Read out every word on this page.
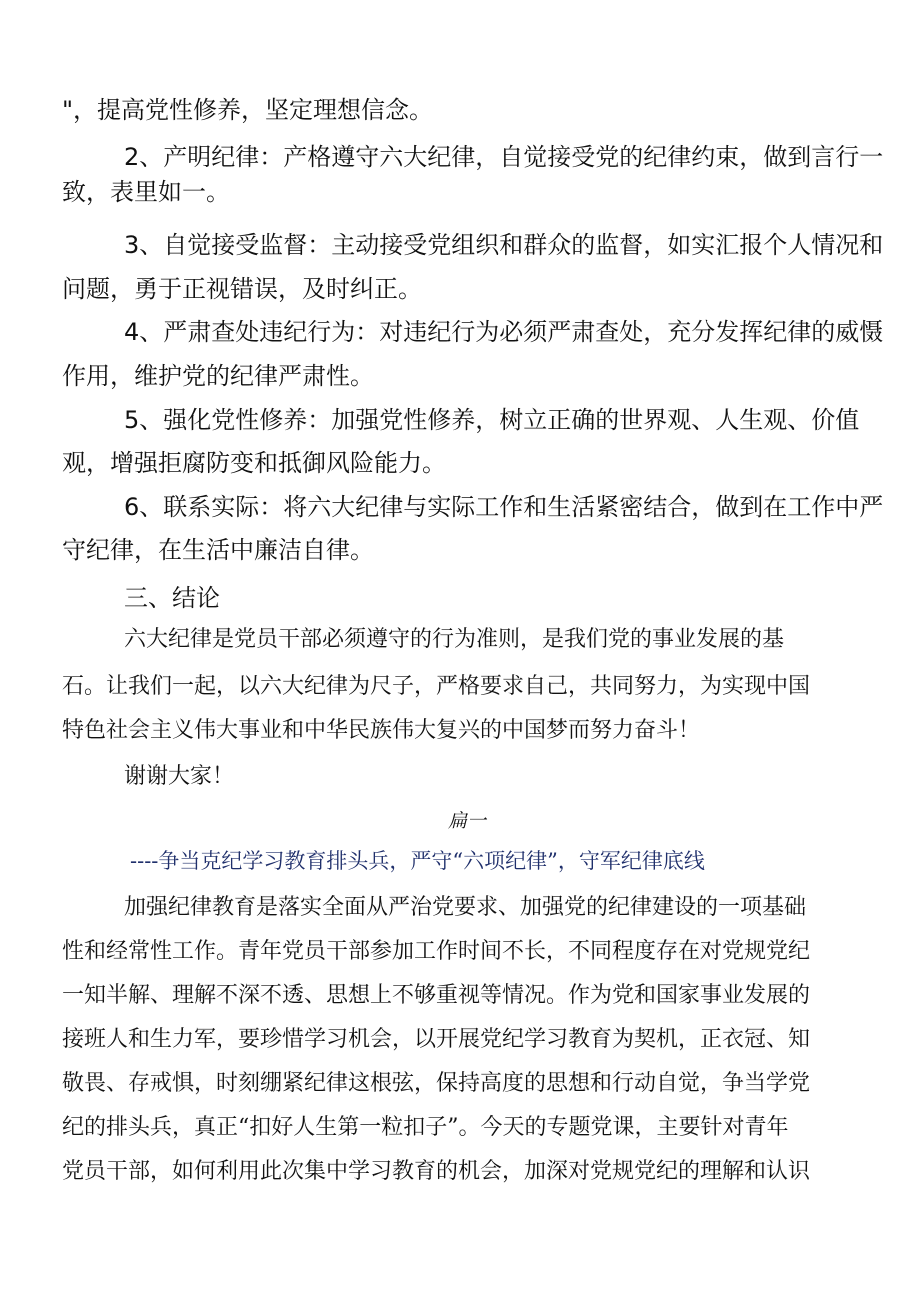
"，提高党性修养，坚定理想信念。

2、产明纪律：产格遵守六大纪律，自觉接受党的纪律约束，做到言行一

致，表里如一。

3、自觉接受监督：主动接受党组织和群众的监督，如实汇报个人情况和

问题，勇于正视错误，及时纠正。

4、严肃查处违纪行为：对违纪行为必须严肃查处，充分发挥纪律的威慑

作用，维护党的纪律严肃性。

5、强化党性修养：加强党性修养，树立正确的世界观、人生观、价值

观，增强拒腐防变和抵御风险能力。

6、联系实际：将六大纪律与实际工作和生活紧密结合，做到在工作中严

守纪律，在生活中廉洁自律。

三、结论

六大纪律是党员干部必须遵守的行为准则，是我们党的事业发展的基

石。让我们一起，以六大纪律为尺子，严格要求自己，共同努力，为实现中国

特色社会主义伟大事业和中华民族伟大复兴的中国梦而努力奋斗！

谢谢大家！

扁一

----争当克纪学习教育排头兵，严守“六项纪律”，守军纪律底线

加强纪律教育是落实全面从严治党要求、加强党的纪律建设的一项基础

性和经常性工作。青年党员干部参加工作时间不长，不同程度存在对党规党纪

一知半解、理解不深不透、思想上不够重视等情况。作为党和国家事业发展的

接班人和生力军，要珍惜学习机会，以开展党纪学习教育为契机，正衣冠、知

敬畏、存戒惧，时刻绷紧纪律这根弦，保持高度的思想和行动自觉，争当学党

纪的排头兵，真正“扣好人生第一粒扣子”。今天的专题党课，主要针对青年

党员干部，如何利用此次集中学习教育的机会，加深对党规党纪的理解和认识
